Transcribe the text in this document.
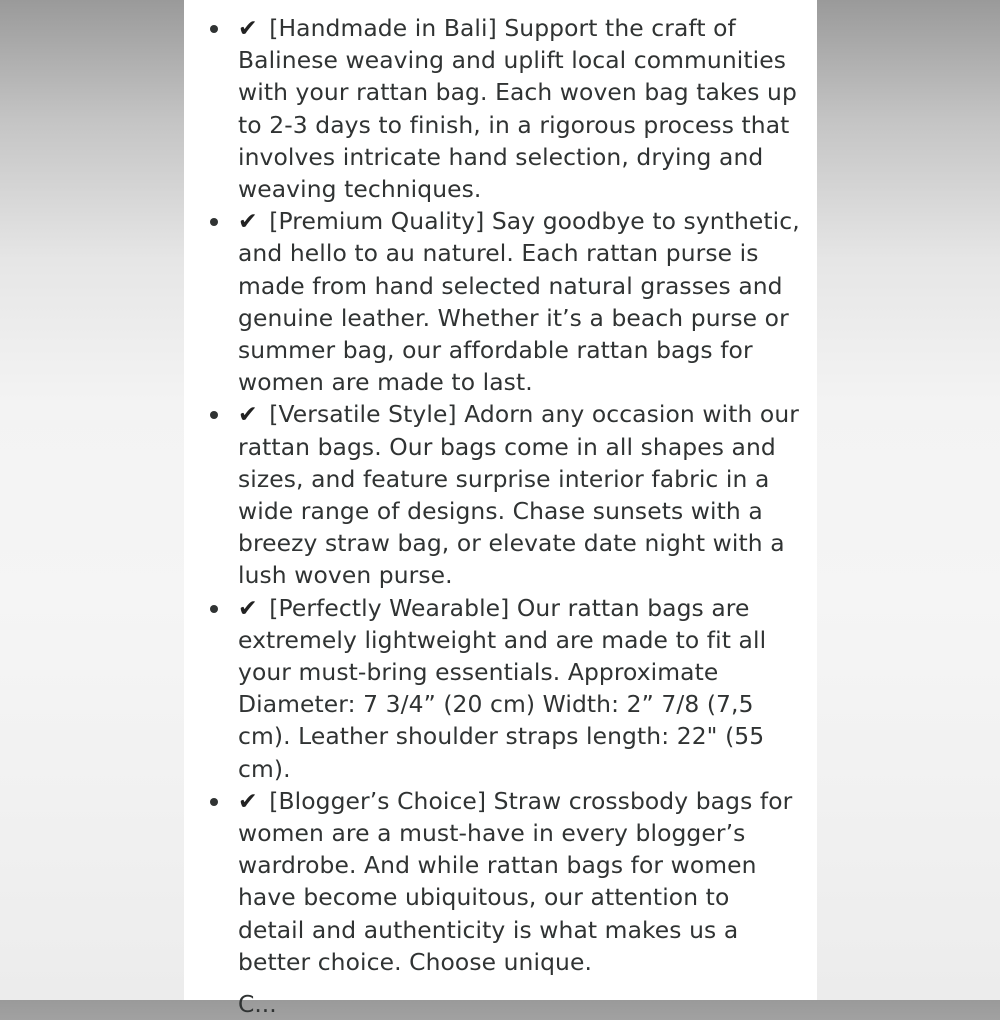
✔ [Handmade in Bali] Support the craft of Balinese weaving and uplift local communities with your rattan bag. Each woven bag takes up to 2-3 days to finish, in a rigorous process that involves intricate hand selection, drying and weaving techniques.
✔ [Premium Quality] Say goodbye to synthetic, and hello to au naturel. Each rattan purse is made from hand selected natural grasses and genuine leather. Whether it’s a beach purse or summer bag, our affordable rattan bags for women are made to last.
✔ [Versatile Style] Adorn any occasion with our rattan bags. Our bags come in all shapes and sizes, and feature surprise interior fabric in a wide range of designs. Chase sunsets with a breezy straw bag, or elevate date night with a lush woven purse.
✔ [Perfectly Wearable] Our rattan bags are extremely lightweight and are made to fit all your must-bring essentials. Approximate Diameter: 7 3/4” (20 cm) Width: 2” 7/8 (7,5 cm). Leather shoulder straps length: 22" (55 cm).
✔ [Blogger’s Choice] Straw crossbody bags for women are a must-have in every blogger’s wardrobe. And while rattan bags for women have become ubiquitous, our attention to detail and authenticity is what makes us a better choice. Choose unique.
C...
